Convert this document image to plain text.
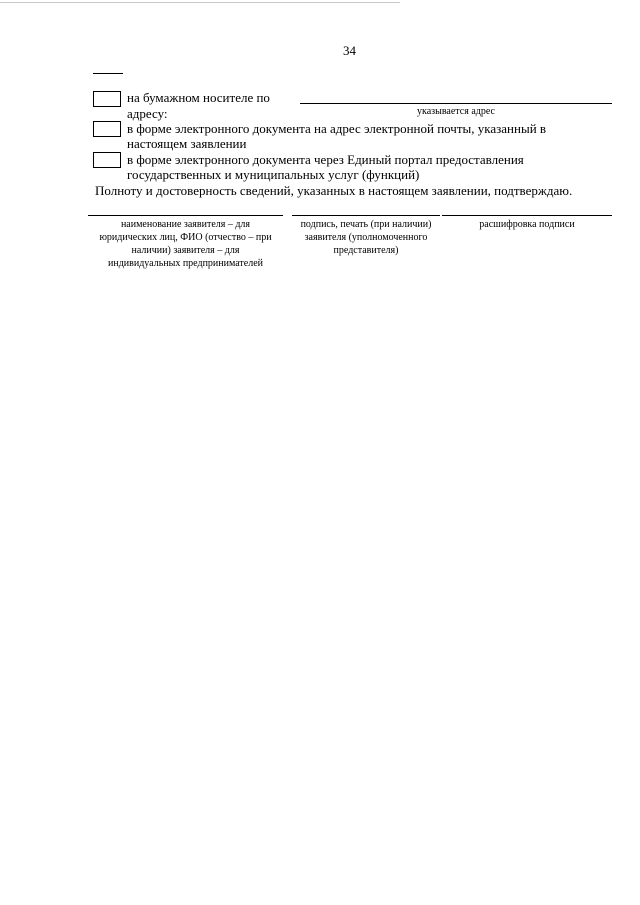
34
на бумажном носителе по
адресу:	указывается адрес
в форме электронного документа на адрес электронной почты, указанный в
настоящем заявлении
в форме электронного документа через Единый портал предоставления
государственных и муниципальных услуг (функций)
Полноту и достоверность сведений, указанных в настоящем заявлении, подтверждаю.
наименование заявителя – для
юридических лиц, ФИО (отчество – при
наличии) заявителя – для
индивидуальных предпринимателей
подпись, печать (при наличии)
заявителя (уполномоченного
представителя)
расшифровка подписи
